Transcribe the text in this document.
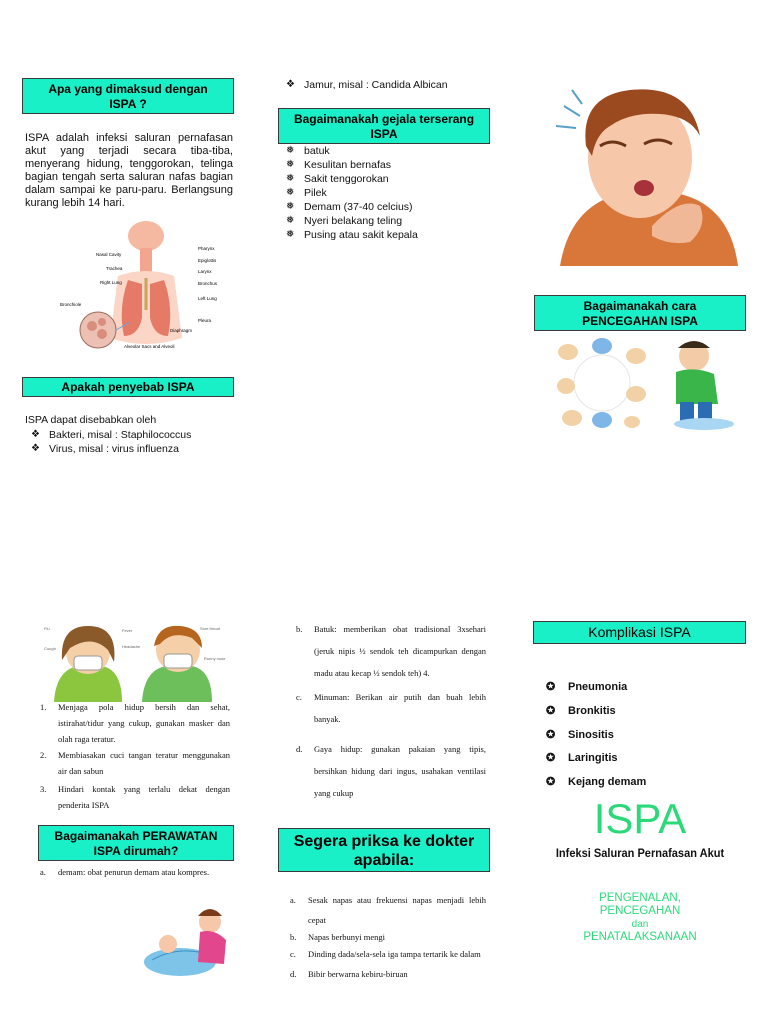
Apa yang dimaksud dengan
ISPA ?
ISPA adalah infeksi saluran pernafasan akut yang terjadi secara tiba-tiba, menyerang hidung, tenggorokan, telinga bagian tengah serta saluran nafas bagian dalam sampai ke paru-paru. Berlangsung kurang lebih 14 hari.
Nasal Cavity
Pharynx
Epiglottis
Trachea
Larynx
Right Lung	Bronchus
Left Lung
Bronchiole
Pleura
Diaphragm
Alveolar Sacs and Alveoli
Apakah penyebab ISPA
ISPA dapat disebabkan oleh
❖ Bakteri, misal : Staphilococcus
❖ Virus, misal : virus influenza
❖ Jamur, misal : Candida Albican
Bagaimanakah gejala terserang
ISPA
❅ batuk
❅ Kesulitan bernafas
❅ Sakit tenggorokan
❅ Pilek
❅ Demam (37-40 celcius)
❅ Nyeri belakang teling
❅ Pusing atau sakit kepala
Bagaimanakah cara
PENCEGAHAN ISPA
Flu
Cough
Fever
Headache
Sore throat
Runny nose
1. Menjaga pola hidup bersih dan sehat, istirahat/tidur yang cukup, gunakan masker dan olah raga teratur.
2. Membiasakan cuci tangan teratur menggunakan air dan sabun
3. Hindari kontak yang terlalu dekat dengan penderita ISPA
Bagaimanakah PERAWATAN
ISPA dirumah?
a. demam: obat penurun demam atau kompres.
b. Batuk: memberikan obat tradisional 3xsehari (jeruk nipis ½ sendok teh dicampurkan dengan madu atau kecap ½ sendok teh) 4.
c. Minuman: Berikan air putih dan buah lebih banyak.
d. Gaya hidup: gunakan pakaian yang tipis, bersihkan hidung dari ingus, usahakan ventilasi yang cukup
Segera priksa ke dokter
apabila:
a. Sesak napas atau frekuensi napas menjadi lebih cepat
b. Napas berbunyi mengi
c. Dinding dada/sela-sela iga tampa tertarik ke dalam
d. Bibir berwarna kebiru-biruan
Komplikasi ISPA
✪ Pneumonia
✪ Bronkitis
✪ Sinositis
✪ Laringitis
✪ Kejang demam
ISPA
Infeksi Saluran Pernafasan Akut
PENGENALAN,
PENCEGAHAN
dan
PENATALAKSANAAN
